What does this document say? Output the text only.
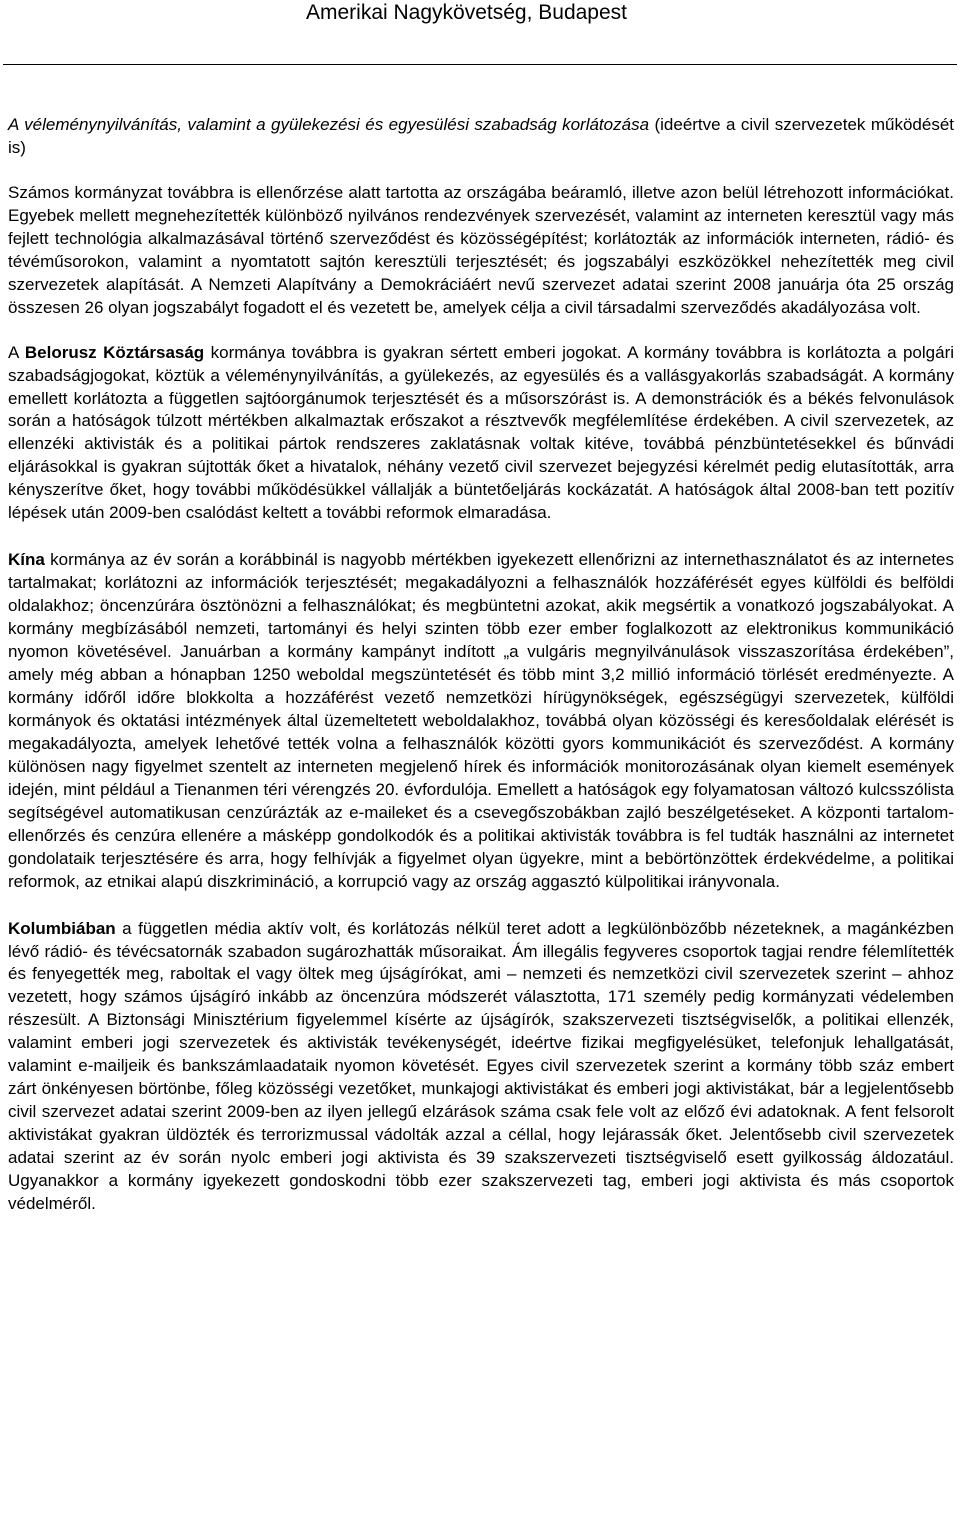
Amerikai Nagykövetség, Budapest

A véleménynyilvánítás, valamint a gyülekezési és egyesülési szabadság korlátozása (ideértve a civil szervezetek működését is)

Számos kormányzat továbbra is ellenőrzése alatt tartotta az országába beáramló, illetve azon belül létrehozott információkat. Egyebek mellett megnehezítették különböző nyilvános rendezvények szervezését, valamint az interneten keresztül vagy más fejlett technológia alkalmazásával történő szerveződést és közösségépítést; korlátozták az információk interneten, rádió- és tévéműsorokon, valamint a nyomtatott sajtón keresztüli terjesztését; és jogszabályi eszközökkel nehezítették meg civil szervezetek alapítását. A Nemzeti Alapítvány a Demokráciáért nevű szervezet adatai szerint 2008 januárja óta 25 ország összesen 26 olyan jogszabályt fogadott el és vezetett be, amelyek célja a civil társadalmi szerveződés akadályozása volt.

A Belorusz Köztársaság kormánya továbbra is gyakran sértett emberi jogokat. A kormány továbbra is korlátozta a polgári szabadságjogokat, köztük a véleménynyilvánítás, a gyülekezés, az egyesülés és a vallásgyakorlás szabadságát. A kormány emellett korlátozta a független sajtóorgánumok terjesztését és a műsorszórást is. A demonstrációk és a békés felvonulások során a hatóságok túlzott mértékben alkalmaztak erőszakot a résztvevők megfélemlítése érdekében. A civil szervezetek, az ellenzéki aktivisták és a politikai pártok rendszeres zaklatásnak voltak kitéve, továbbá pénzbüntetésekkel és bűnvádi eljárásokkal is gyakran sújtották őket a hivatalok, néhány vezető civil szervezet bejegyzési kérelmét pedig elutasították, arra kényszerítve őket, hogy további működésükkel vállalják a büntetőeljárás kockázatát. A hatóságok által 2008-ban tett pozitív lépések után 2009-ben csalódást keltett a további reformok elmaradása.

Kína kormánya az év során a korábbinál is nagyobb mértékben igyekezett ellenőrizni az internethasználatot és az internetes tartalmakat; korlátozni az információk terjesztését; megakadályozni a felhasználók hozzáférését egyes külföldi és belföldi oldalakhoz; öncenzúrára ösztönözni a felhasználókat; és megbüntetni azokat, akik megsértik a vonatkozó jogszabályokat. A kormány megbízásából nemzeti, tartományi és helyi szinten több ezer ember foglalkozott az elektronikus kommunikáció nyomon követésével. Januárban a kormány kampányt indított „a vulgáris megnyilvánulások visszaszorítása érdekében”, amely még abban a hónapban 1250 weboldal megszüntetését és több mint 3,2 millió információ törlését eredményezte. A kormány időről időre blokkolta a hozzáférést vezető nemzetközi hírügynökségek, egészségügyi szervezetek, külföldi kormányok és oktatási intézmények által üzemeltetett weboldalakhoz, továbbá olyan közösségi és keresőoldalak elérését is megakadályozta, amelyek lehetővé tették volna a felhasználók közötti gyors kommunikációt és szerveződést. A kormány különösen nagy figyelmet szentelt az interneten megjelenő hírek és információk monitorozásának olyan kiemelt események idején, mint például a Tienanmen téri vérengzés 20. évfordulója. Emellett a hatóságok egy folyamatosan változó kulcsszólista segítségével automatikusan cenzúrázták az e-maileket és a csevegőszobákban zajló beszélgetéseket. A központi tartalom-ellenőrzés és cenzúra ellenére a másképp gondolkodók és a politikai aktivisták továbbra is fel tudták használni az internetet gondolataik terjesztésére és arra, hogy felhívják a figyelmet olyan ügyekre, mint a bebörtönzöttek érdekvédelme, a politikai reformok, az etnikai alapú diszkrimináció, a korrupció vagy az ország aggasztó külpolitikai irányvonala.

Kolumbiában a független média aktív volt, és korlátozás nélkül teret adott a legkülönbözőbb nézeteknek, a magánkézben lévő rádió- és tévécsatornák szabadon sugározhatták műsoraikat. Ám illegális fegyveres csoportok tagjai rendre félemlítették és fenyegették meg, raboltak el vagy öltek meg újságírókat, ami – nemzeti és nemzetközi civil szervezetek szerint – ahhoz vezetett, hogy számos újságíró inkább az öncenzúra módszerét választotta, 171 személy pedig kormányzati védelemben részesült. A Biztonsági Minisztérium figyelemmel kísérte az újságírók, szakszervezeti tisztségviselők, a politikai ellenzék, valamint emberi jogi szervezetek és aktivisták tevékenységét, ideértve fizikai megfigyelésüket, telefonjuk lehallgatását, valamint e-mailjeik és bankszámlaadataik nyomon követését. Egyes civil szervezetek szerint a kormány több száz embert zárt önkényesen börtönbe, főleg közösségi vezetőket, munkajogi aktivistákat és emberi jogi aktivistákat, bár a legjelentősebb civil szervezet adatai szerint 2009-ben az ilyen jellegű elzárások száma csak fele volt az előző évi adatoknak. A fent felsorolt aktivistákat gyakran üldözték és terrorizmussal vádolták azzal a céllal, hogy lejárassák őket. Jelentősebb civil szervezetek adatai szerint az év során nyolc emberi jogi aktivista és 39 szakszervezeti tisztségviselő esett gyilkosság áldozatául. Ugyanakkor a kormány igyekezett gondoskodni több ezer szakszervezeti tag, emberi jogi aktivista és más csoportok védelméről.
